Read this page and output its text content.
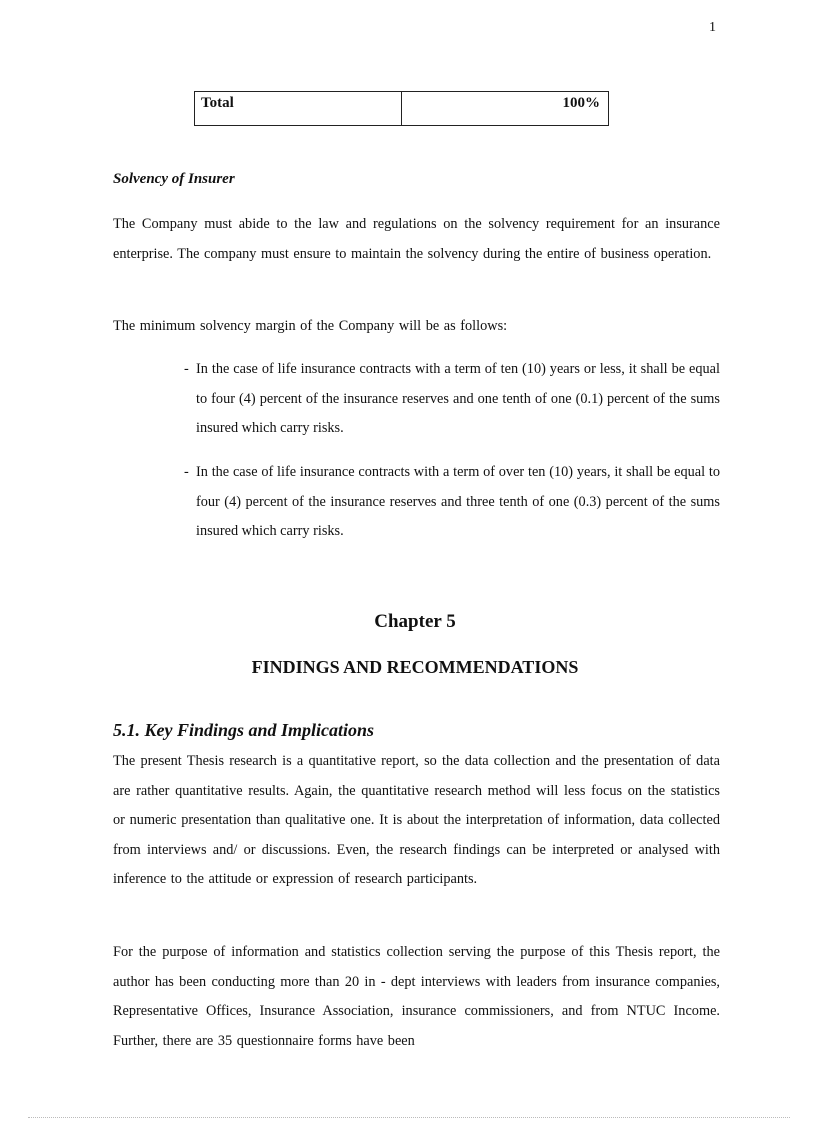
1
Total	100%
Solvency of Insurer
The Company must abide to the law and regulations on the solvency requirement for an insurance enterprise. The company must ensure to maintain the solvency during the entire of business operation.
The minimum solvency margin of the Company will be as follows:
- In the case of life insurance contracts with a term of ten (10) years or less, it shall be equal to four (4) percent of the insurance reserves and one tenth of one (0.1) percent of the sums insured which carry risks.
- In the case of life insurance contracts with a term of over ten (10) years, it shall be equal to four (4) percent of the insurance reserves and three tenth of one (0.3) percent of the sums insured which carry risks.
Chapter 5
FINDINGS AND RECOMMENDATIONS
5.1. Key Findings and Implications
The present Thesis research is a quantitative report, so the data collection and the presentation of data are rather quantitative results. Again, the quantitative research method will less focus on the statistics or numeric presentation than qualitative one. It is about the interpretation of information, data collected from interviews and/ or discussions. Even, the research findings can be interpreted or analysed with inference to the attitude or expression of research participants.
For the purpose of information and statistics collection serving the purpose of this Thesis report, the author has been conducting more than 20 in - dept interviews with leaders from insurance companies, Representative Offices, Insurance Association, insurance commissioners, and from NTUC Income. Further, there are 35 questionnaire forms have been
